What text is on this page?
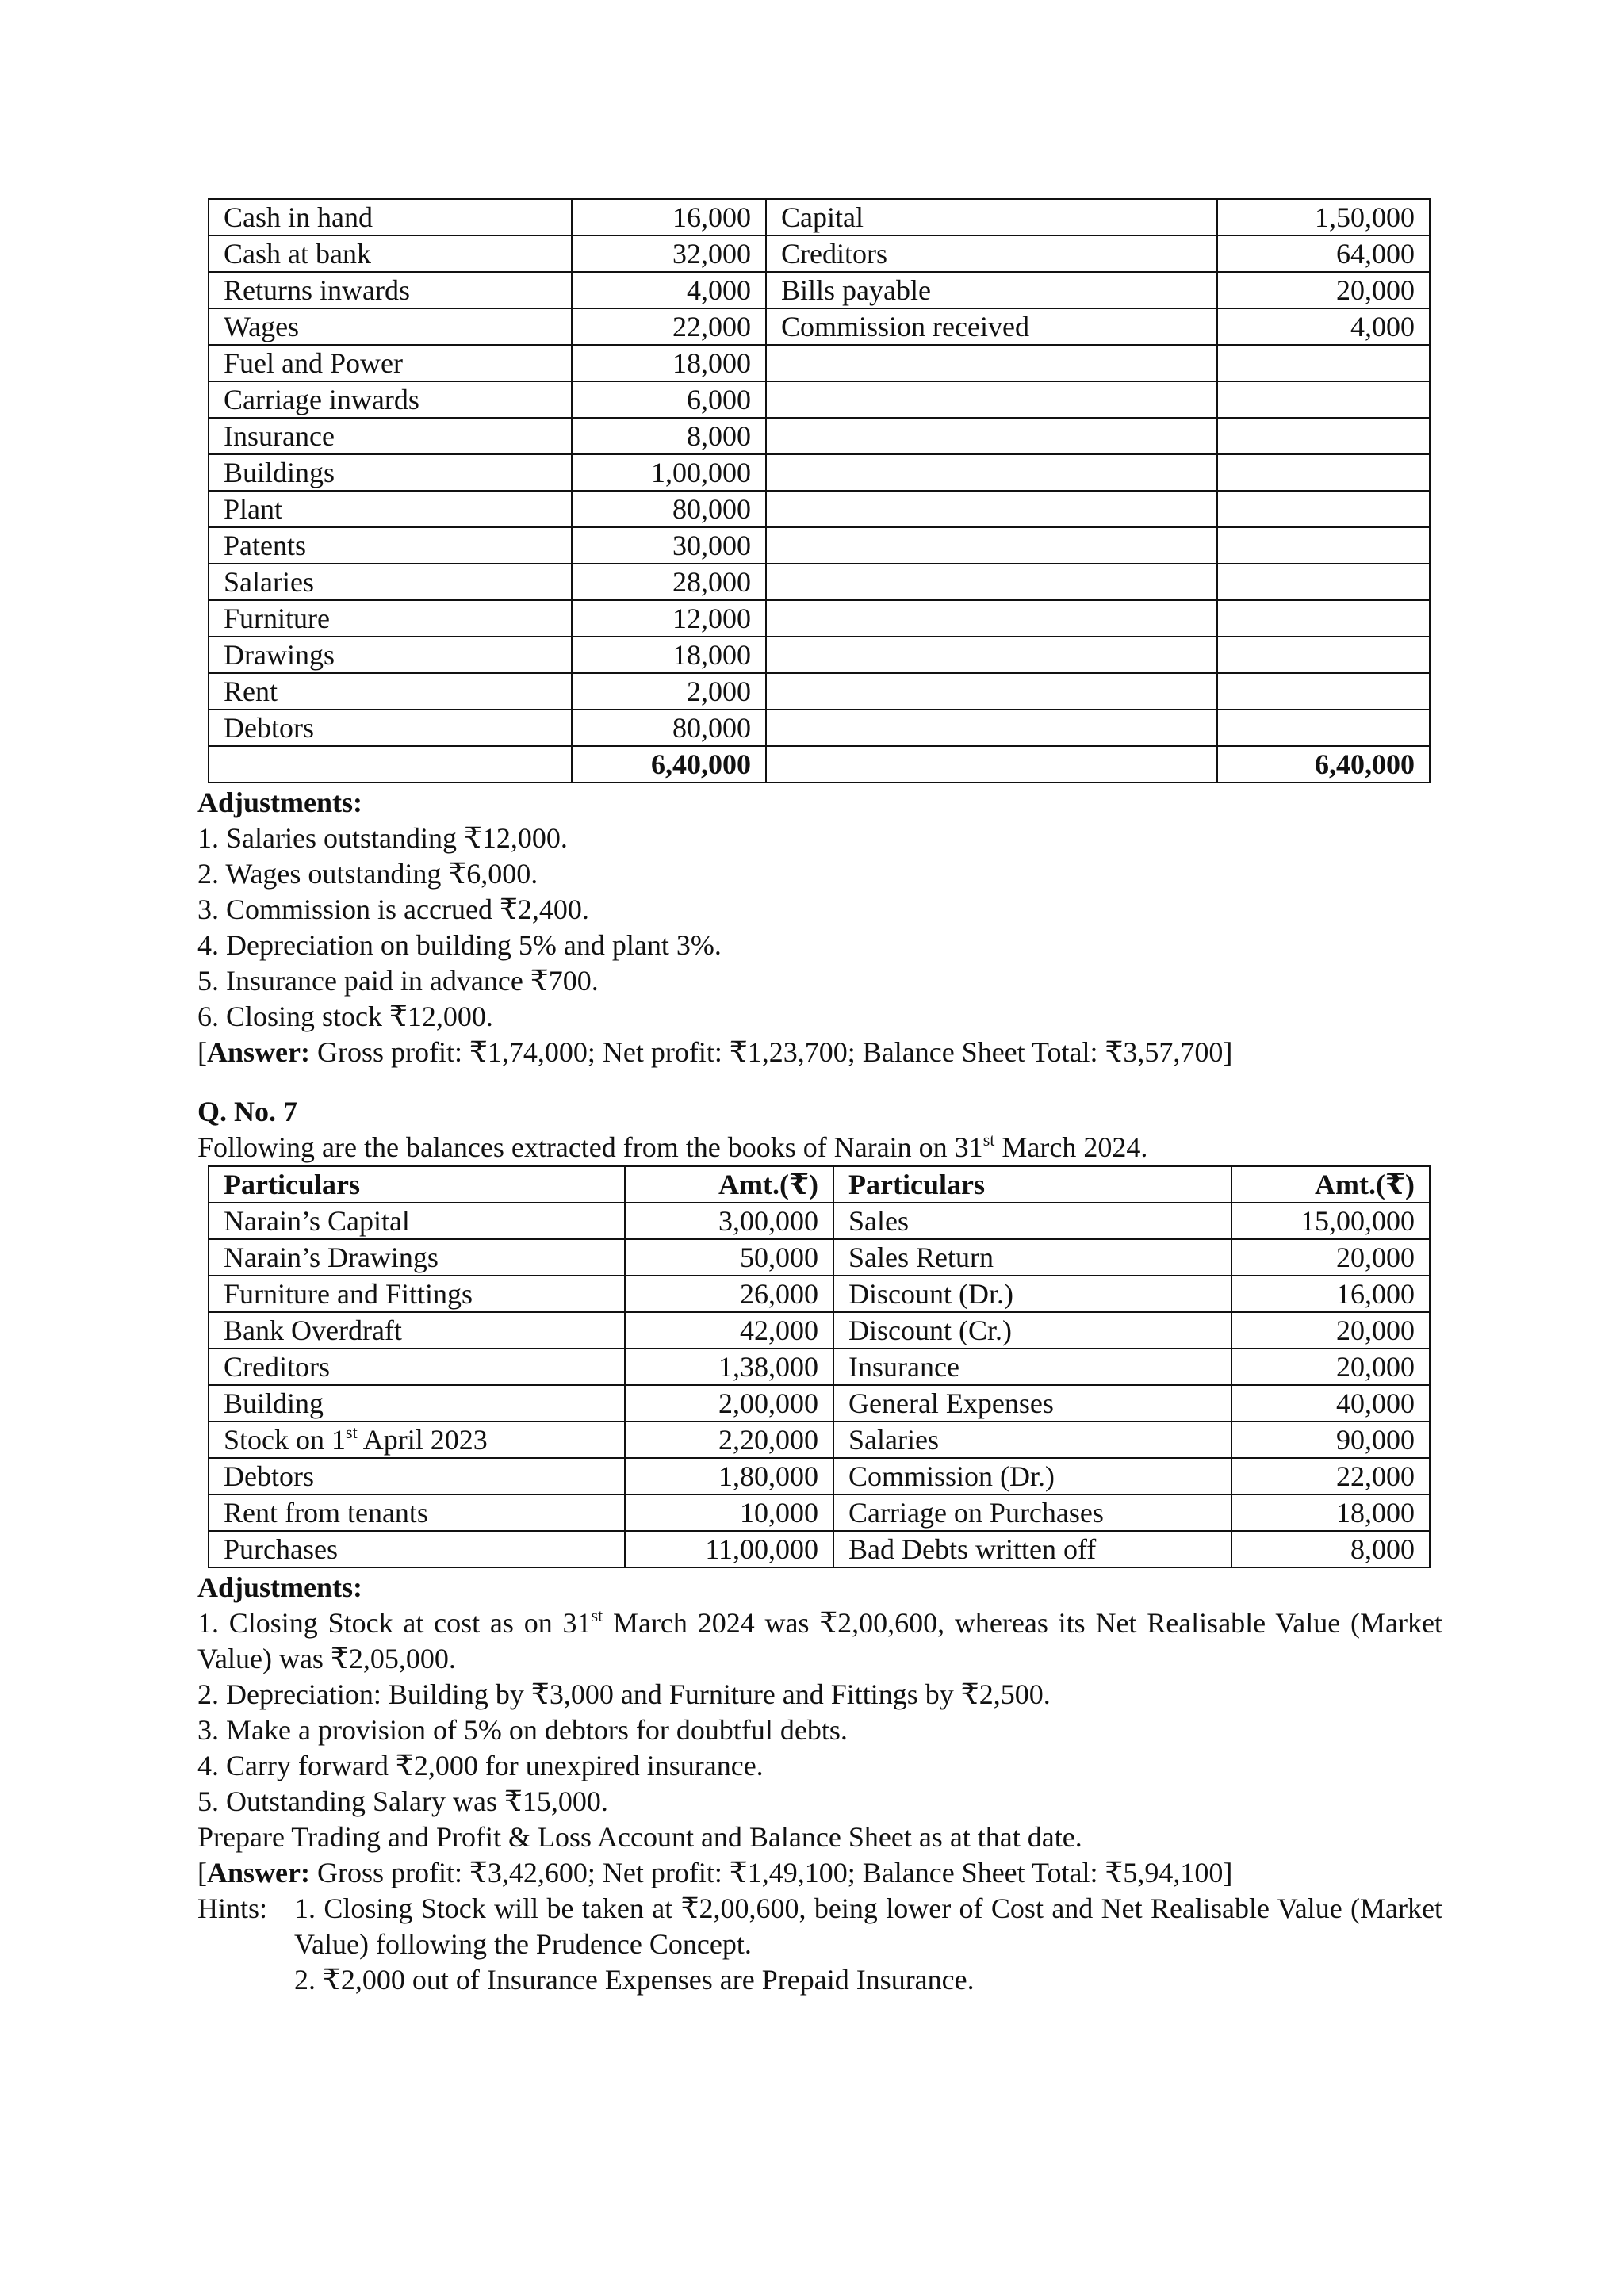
Cash in hand	16,000	Capital	1,50,000
Cash at bank	32,000	Creditors	64,000
Returns inwards	4,000	Bills payable	20,000
Wages	22,000	Commission received	4,000
Fuel and Power	18,000		
Carriage inwards	6,000		
Insurance	8,000		
Buildings	1,00,000		
Plant	80,000		
Patents	30,000		
Salaries	28,000		
Furniture	12,000		
Drawings	18,000		
Rent	2,000		
Debtors	80,000		
	6,40,000		6,40,000

Adjustments:

1. Salaries outstanding ₹12,000.

2. Wages outstanding ₹6,000.

3. Commission is accrued ₹2,400.

4. Depreciation on building 5% and plant 3%.

5. Insurance paid in advance ₹700.

6. Closing stock ₹12,000.

[Answer: Gross profit: ₹1,74,000; Net profit: ₹1,23,700; Balance Sheet Total: ₹3,57,700]

Q. No. 7

Following are the balances extracted from the books of Narain on 31st March 2024.

Particulars	Amt.(₹)	Particulars	Amt.(₹)
Narain’s Capital	3,00,000	Sales	15,00,000
Narain’s Drawings	50,000	Sales Return	20,000
Furniture and Fittings	26,000	Discount (Dr.)	16,000
Bank Overdraft	42,000	Discount (Cr.)	20,000
Creditors	1,38,000	Insurance	20,000
Building	2,00,000	General Expenses	40,000
Stock on 1st April 2023	2,20,000	Salaries	90,000
Debtors	1,80,000	Commission (Dr.)	22,000
Rent from tenants	10,000	Carriage on Purchases	18,000
Purchases	11,00,000	Bad Debts written off	8,000

Adjustments:

1. Closing Stock at cost as on 31st March 2024 was ₹2,00,600, whereas its Net Realisable Value (Market Value) was ₹2,05,000.

2. Depreciation: Building by ₹3,000 and Furniture and Fittings by ₹2,500.

3. Make a provision of 5% on debtors for doubtful debts.

4. Carry forward ₹2,000 for unexpired insurance.

5. Outstanding Salary was ₹15,000.

Prepare Trading and Profit & Loss Account and Balance Sheet as at that date.

[Answer: Gross profit: ₹3,42,600; Net profit: ₹1,49,100; Balance Sheet Total: ₹5,94,100]

Hints: 1. Closing Stock will be taken at ₹2,00,600, being lower of Cost and Net Realisable Value (Market Value) following the Prudence Concept.

2. ₹2,000 out of Insurance Expenses are Prepaid Insurance.
